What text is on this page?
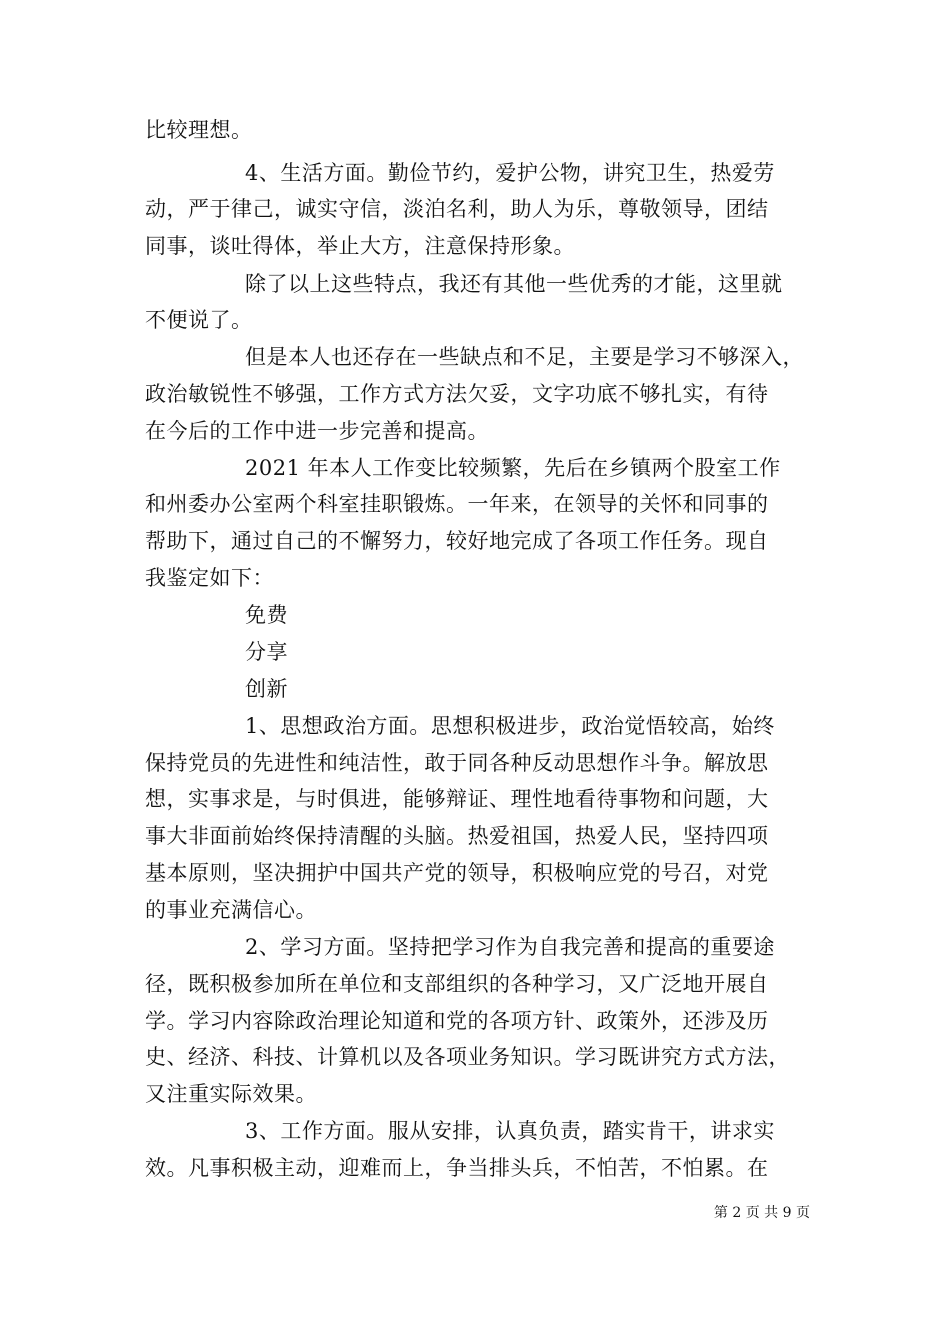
比较理想。
4、生活方面。勤俭节约，爱护公物，讲究卫生，热爱劳
动，严于律己，诚实守信，淡泊名利，助人为乐，尊敬领导，团结
同事，谈吐得体，举止大方，注意保持形象。
除了以上这些特点，我还有其他一些优秀的才能，这里就
不便说了。
但是本人也还存在一些缺点和不足，主要是学习不够深入，
政治敏锐性不够强，工作方式方法欠妥，文字功底不够扎实，有待
在今后的工作中进一步完善和提高。
2021 年本人工作变比较频繁，先后在乡镇两个股室工作
和州委办公室两个科室挂职锻炼。一年来，在领导的关怀和同事的
帮助下，通过自己的不懈努力，较好地完成了各项工作任务。现自
我鉴定如下：
免费
分享
创新
1、思想政治方面。思想积极进步，政治觉悟较高，始终
保持党员的先进性和纯洁性，敢于同各种反动思想作斗争。解放思
想，实事求是，与时俱进，能够辩证、理性地看待事物和问题，大
事大非面前始终保持清醒的头脑。热爱祖国，热爱人民，坚持四项
基本原则，坚决拥护中国共产党的领导，积极响应党的号召，对党
的事业充满信心。
2、学习方面。坚持把学习作为自我完善和提高的重要途
径，既积极参加所在单位和支部组织的各种学习，又广泛地开展自
学。学习内容除政治理论知道和党的各项方针、政策外，还涉及历
史、经济、科技、计算机以及各项业务知识。学习既讲究方式方法，
又注重实际效果。
3、工作方面。服从安排，认真负责，踏实肯干，讲求实
效。凡事积极主动，迎难而上，争当排头兵，不怕苦，不怕累。在
第 2 页 共 9 页
